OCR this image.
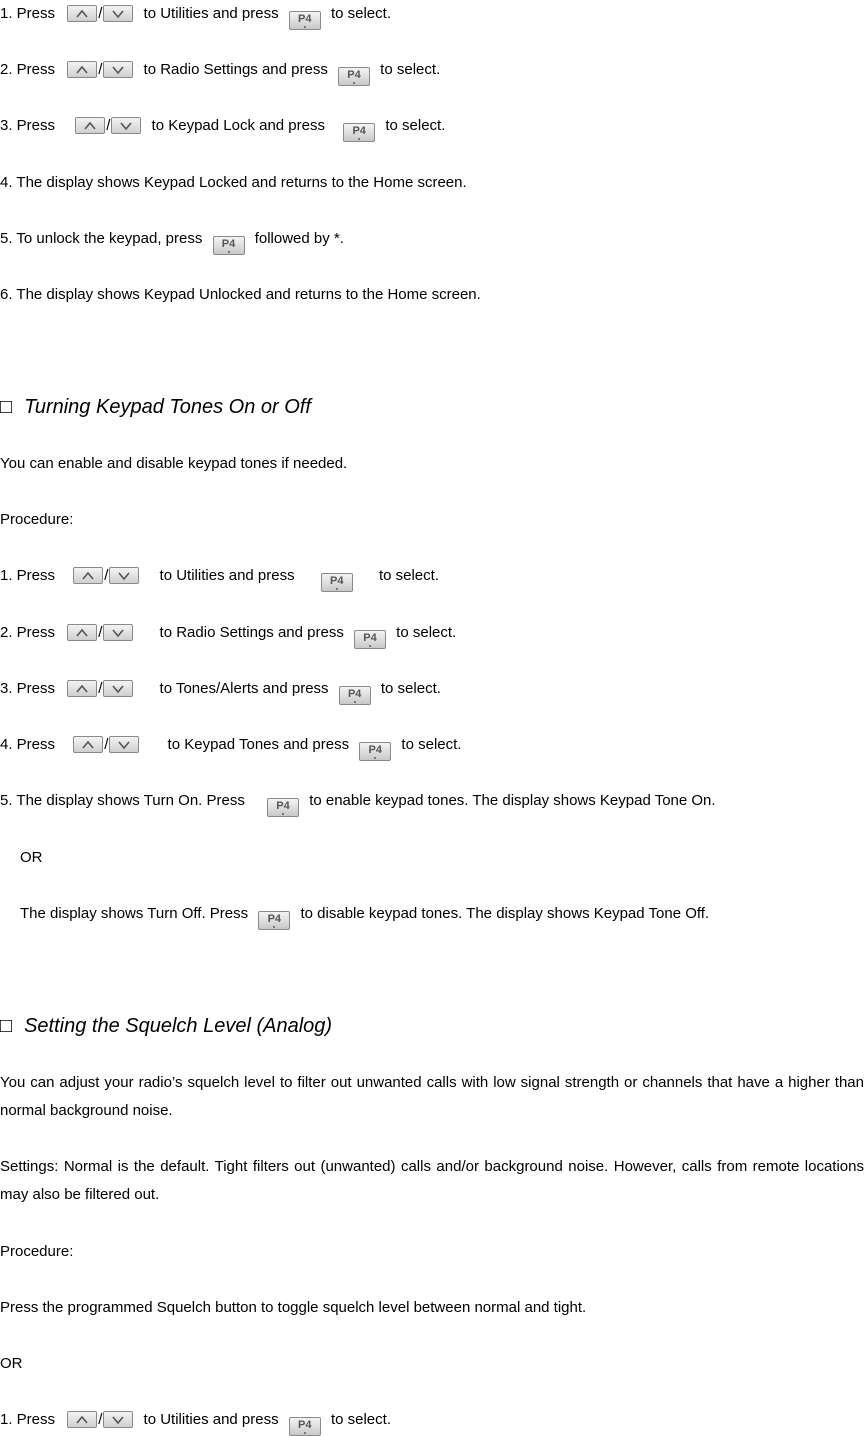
1. Press	/	to Utilities and press P4 to select.
2. Press	/	to Radio Settings and press P4 to select.
3. Press	/	to Keypad Lock and press P4 to select.
4. The display shows Keypad Locked and returns to the Home screen.
5. To unlock the keypad, press P4 followed by *.
6. The display shows Keypad Unlocked and returns to the Home screen.
□ Turning Keypad Tones On or Off
You can enable and disable keypad tones if needed.
Procedure:
1. Press	/	to Utilities and press	P4 to select.
2. Press	/	to Radio Settings and press P4 to select.
3. Press	/	to Tones/Alerts and press P4 to select.
4. Press	/	to Keypad Tones and press P4 to select.
5. The display shows Turn On. Press	P4 to enable keypad tones. The display shows Keypad Tone On.
OR
The display shows Turn Off. Press P4 to disable keypad tones. The display shows Keypad Tone Off.
□ Setting the Squelch Level (Analog)
You can adjust your radio’s squelch level to filter out unwanted calls with low signal strength or channels that have a higher than normal background noise.
Settings: Normal is the default. Tight filters out (unwanted) calls and/or background noise. However, calls from remote locations may also be filtered out.
Procedure:
Press the programmed Squelch button to toggle squelch level between normal and tight.
OR
1. Press	/	to Utilities and press P4 to select.
